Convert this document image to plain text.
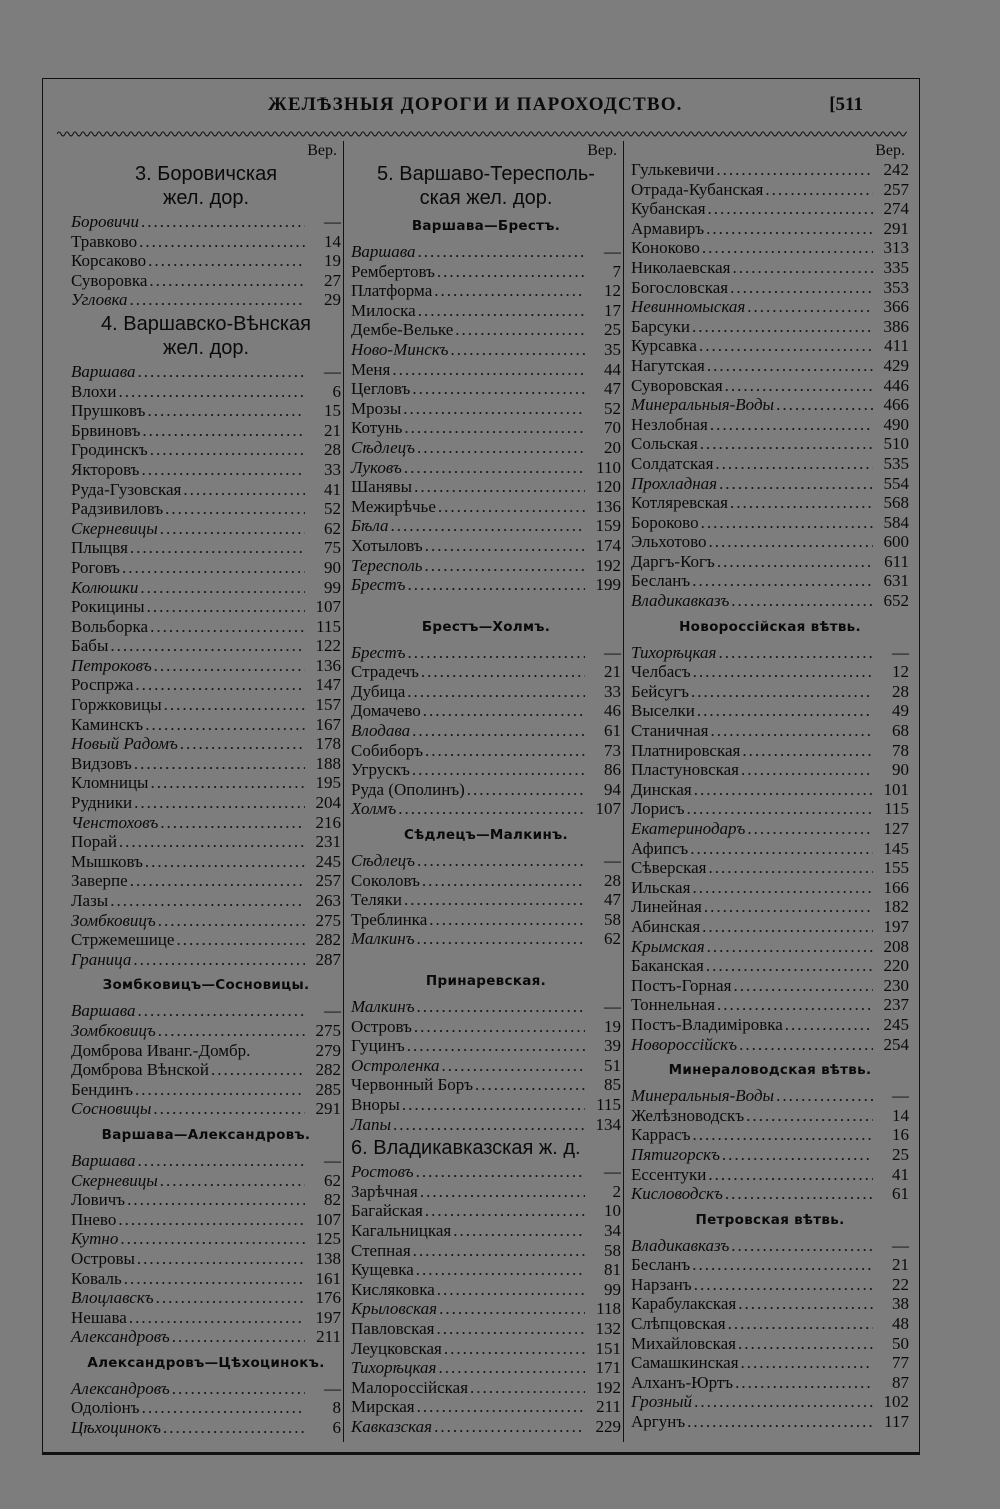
ЖЕЛѢЗНЫЯ ДОРОГИ И ПАРОХОДСТВО.	[511
Вер.
3. Боровичская
жел. дор.
Боровичи .....	—
Травково .....	14
Корсаково .....	19
Суворовка .....	27
Угловка .....	29
4. Варшавско-Вѣнская
жел. дор.
Варшава .....	—
Влохи .....	6
Прушковъ .....	15
Брвиновъ .....	21
Гродинскъ .....	28
Якторовъ .....	33
Руда-Гузовская .....	41
Радзивиловъ .....	52
Скерневицы .....	62
Плыцвя .....	75
Роговъ .....	90
Колюшки .....	99
Рокицины .....	107
Вольборка .....	115
Бабы .....	122
Петроковъ .....	136
Роспржа .....	147
Горжковицы .....	157
Каминскъ .....	167
Новый Радомъ .....	178
Видзовъ .....	188
Кломницы .....	195
Рудники .....	204
Ченстоховъ .....	216
Порай .....	231
Мышковъ .....	245
Заверпе .....	257
Лазы .....	263
Зомбковицъ .....	275
Стржемешице .....	282
Граница .....	287
Зомбковицъ—Сосновицы.
Варшава .....	—
Зомбковицъ .....	275
Домброва Иванг.-Домбр.	279
Домброва Вѣнской .....	282
Бендинъ .....	285
Сосновицы .....	291
Варшава—Александровъ.
Варшава .....	—
Скерневицы .....	62
Ловичъ .....	82
Пнево .....	107
Кутно .....	125
Островы .....	138
Коваль .....	161
Влоцлавскъ .....	176
Нешава .....	197
Александровъ .....	211
Александровъ—Цѣхоцинокъ.
Александровъ .....	—
Одолiонъ .....	8
Цѣхоцинокъ .....	6
Вер.
5. Варшаво-Тересполь-
ская жел. дор.
Варшава—Брестъ.
Варшава .....	—
Рембертовъ .....	7
Платформа .....	12
Милоска .....	17
Дембе-Вельке .....	25
Ново-Минскъ .....	35
Меня .....	44
Цегловъ .....	47
Мрозы .....	52
Котунь .....	70
Сѣдлецъ .....	20
Луковъ .....	110
Шанявы .....	120
Межирѣчье .....	136
Бѣла .....	159
Хотыловъ .....	174
Тересполь .....	192
Брестъ .....	199
Брестъ—Холмъ.
Брестъ .....	—
Страдечъ .....	21
Дубица .....	33
Домачево .....	46
Влодава .....	61
Собиборъ .....	73
Угрускъ .....	86
Руда (Ополинъ) .....	94
Холмъ .....	107
Сѣдлецъ—Малкинъ.
Сѣдлецъ .....	—
Соколовъ .....	28
Теляки .....	47
Треблинка .....	58
Малкинъ .....	62
Принаревская.
Малкинъ .....	—
Островъ .....	19
Гуцинъ .....	39
Остроленка .....	51
Червонный Боръ .....	85
Вноры .....	115
Лапы .....	134
6. Владикавказская ж. д.
Ростовъ .....	—
Зарѣчная .....	2
Багайская .....	10
Кагальницкая .....	34
Степная .....	58
Кущевка .....	81
Кисляковка .....	99
Крыловская .....	118
Павловская .....	132
Леуцковская .....	151
Тихорѣцкая .....	171
Малороссiйская .....	192
Мирская .....	211
Кавказская .....	229
Вер.
Гулькевичи .....	242
Отрада-Кубанская .....	257
Кубанская .....	274
Армавиръ .....	291
Коноково .....	313
Николаевская .....	335
Богословская .....	353
Невинномыская .....	366
Барсуки .....	386
Курсавка .....	411
Нагутская .....	429
Суворовская .....	446
Минеральныя-Воды .....	466
Незлобная .....	490
Сольская .....	510
Солдатская .....	535
Прохладная .....	554
Котляревская .....	568
Бороково .....	584
Эльхотово .....	600
Даргъ-Когъ .....	611
Бесланъ .....	631
Владикавказъ .....	652
Новороссiйская вѣтвь.
Тихорѣцкая .....	—
Челбасъ .....	12
Бейсугъ .....	28
Выселки .....	49
Станичная .....	68
Платнировская .....	78
Пластуновская .....	90
Динская .....	101
Лорисъ .....	115
Екатеринодаръ .....	127
Афипсъ .....	145
Сѣверская .....	155
Ильская .....	166
Линейная .....	182
Абинская .....	197
Крымская .....	208
Баканская .....	220
Постъ-Горная .....	230
Тоннельная .....	237
Постъ-Владимiровка .....	245
Новороссiйскъ .....	254
Минераловодская вѣтвь.
Минеральныя-Воды .....	—
Желѣзноводскъ .....	14
Каррасъ .....	16
Пятигорскъ .....	25
Ессентуки .....	41
Кисловодскъ .....	61
Петровская вѣтвь.
Владикавказъ .....	—
Бесланъ .....	21
Нарзанъ .....	22
Карабулакская .....	38
Слѣпцовская .....	48
Михайловская .....	50
Самашкинская .....	77
Алханъ-Юртъ .....	87
Грозный .....	102
Аргунъ .....	117
